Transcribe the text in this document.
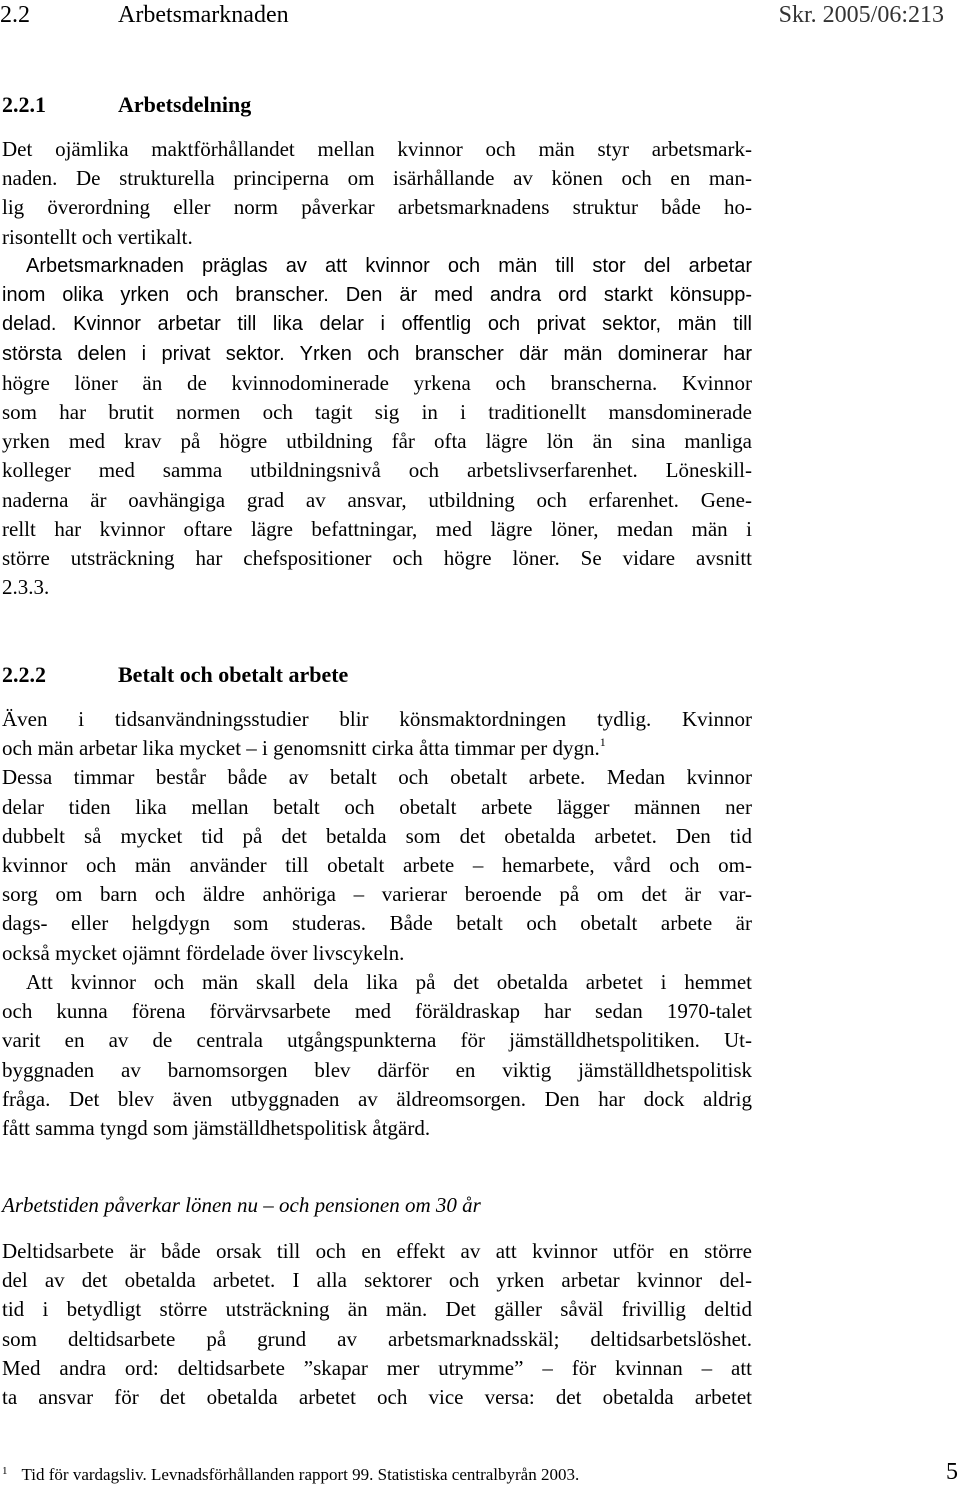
2.2	Arbetsmarknaden	Skr. 2005/06:213
2.2.1	Arbetsdelning
Det ojämlika maktförhållandet mellan kvinnor och män styr arbetsmark-
naden. De strukturella principerna om isärhållande av könen och en man-
lig överordning eller norm påverkar arbetsmarknadens struktur både ho-
risontellt och vertikalt.
Arbetsmarknaden präglas av att kvinnor och män till stor del arbetar
inom olika yrken och branscher. Den är med andra ord starkt könsupp-
delad. Kvinnor arbetar till lika delar i offentlig och privat sektor, män till
största delen i privat sektor. Yrken och branscher där män dominerar har
högre löner än de kvinnodominerade yrkena och branscherna. Kvinnor
som har brutit normen och tagit sig in i traditionellt mansdominerade
yrken med krav på högre utbildning får ofta lägre lön än sina manliga
kolleger med samma utbildningsnivå och arbetslivserfarenhet. Löneskill-
naderna är oavhängiga grad av ansvar, utbildning och erfarenhet. Gene-
rellt har kvinnor oftare lägre befattningar, med lägre löner, medan män i
större utsträckning har chefspositioner och högre löner. Se vidare avsnitt
2.3.3.
2.2.2	Betalt och obetalt arbete
Även i tidsanvändningsstudier blir könsmaktordningen tydlig. Kvinnor
och män arbetar lika mycket – i genomsnitt cirka åtta timmar per dygn.$^1$
Dessa timmar består både av betalt och obetalt arbete. Medan kvinnor
delar tiden lika mellan betalt och obetalt arbete lägger männen ner
dubbelt så mycket tid på det betalda som det obetalda arbetet. Den tid
kvinnor och män använder till obetalt arbete – hemarbete, vård och om-
sorg om barn och äldre anhöriga – varierar beroende på om det är var-
dags- eller helgdygn som studeras. Både betalt och obetalt arbete är
också mycket ojämnt fördelade över livscykeln.
Att kvinnor och män skall dela lika på det obetalda arbetet i hemmet
och kunna förena förvärvsarbete med föräldraskap har sedan 1970-talet
varit en av de centrala utgångspunkterna för jämställdhetspolitiken. Ut-
byggnaden av barnomsorgen blev därför en viktig jämställdhetspolitisk
fråga. Det blev även utbyggnaden av äldreomsorgen. Den har dock aldrig
fått samma tyngd som jämställdhetspolitisk åtgärd.
Arbetstiden påverkar lönen nu – och pensionen om 30 år
Deltidsarbete är både orsak till och en effekt av att kvinnor utför en större
del av det obetalda arbetet. I alla sektorer och yrken arbetar kvinnor del-
tid i betydligt större utsträckning än män. Det gäller såväl frivillig deltid
som deltidsarbete på grund av arbetsmarknadsskäl; deltidsarbetslöshet.
Med andra ord: deltidsarbete ”skapar mer utrymme” – för kvinnan – att
ta ansvar för det obetalda arbetet och vice versa: det obetalda arbetet
$^1$ Tid för vardagsliv. Levnadsförhållanden rapport 99. Statistiska centralbyrån 2003.	5
